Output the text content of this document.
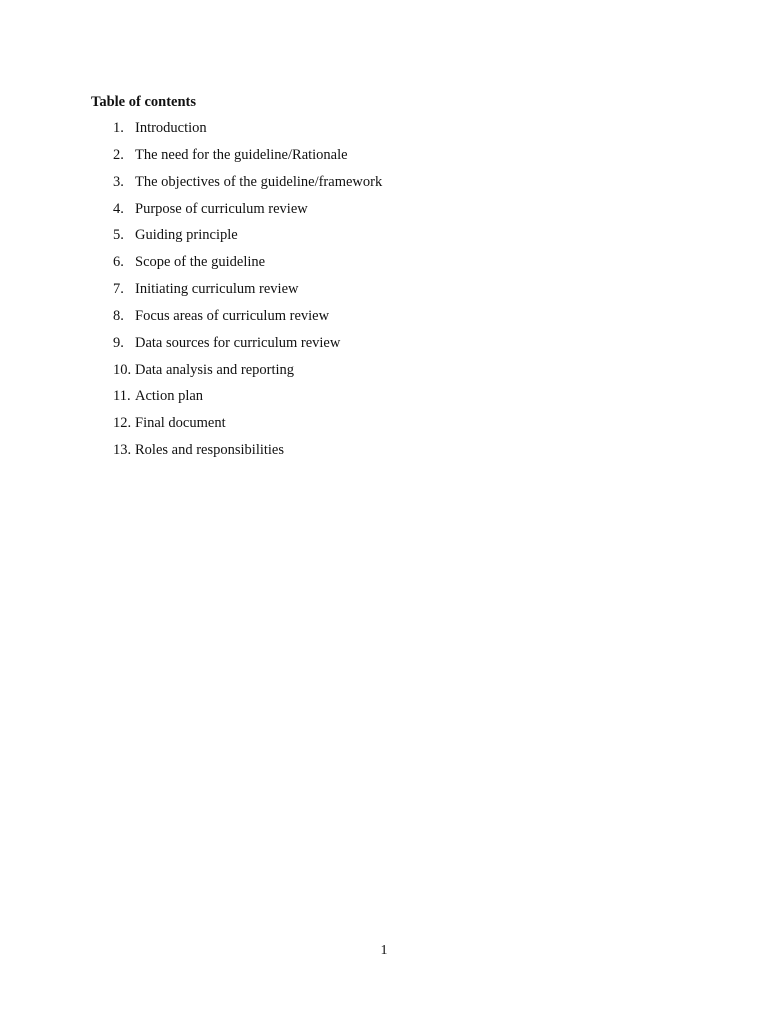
Table of contents
1. Introduction
2. The need for the guideline/Rationale
3. The objectives of the guideline/framework
4. Purpose of curriculum review
5. Guiding principle
6. Scope of the guideline
7. Initiating curriculum review
8. Focus areas of curriculum review
9. Data sources for curriculum review
10. Data analysis and reporting
11. Action plan
12. Final document
13. Roles and responsibilities
1
